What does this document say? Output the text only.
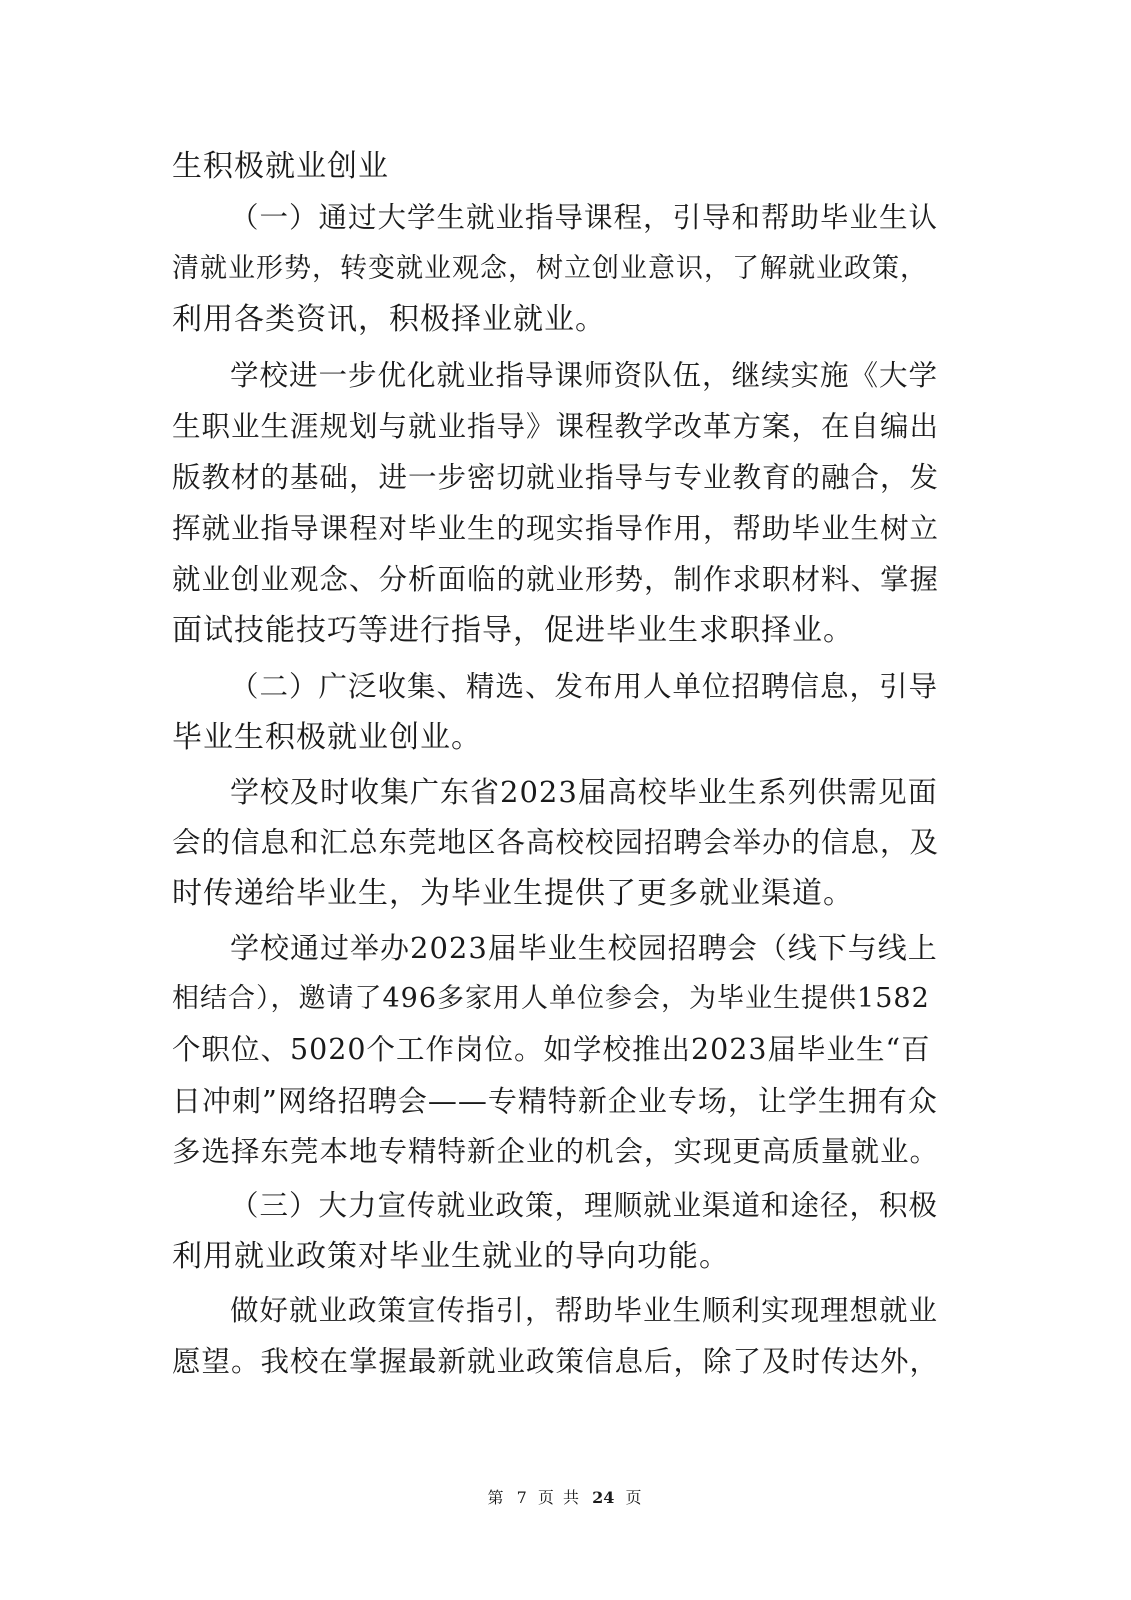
生积极就业创业
（一）通过大学生就业指导课程，引导和帮助毕业生认
清就业形势，转变就业观念，树立创业意识，了解就业政策，
利用各类资讯，积极择业就业。
学校进一步优化就业指导课师资队伍，继续实施《大学
生职业生涯规划与就业指导》课程教学改革方案，在自编出
版教材的基础，进一步密切就业指导与专业教育的融合，发
挥就业指导课程对毕业生的现实指导作用，帮助毕业生树立
就业创业观念、分析面临的就业形势，制作求职材料、掌握
面试技能技巧等进行指导，促进毕业生求职择业。
（二）广泛收集、精选、发布用人单位招聘信息，引导
毕业生积极就业创业。
学校及时收集广东省2023届高校毕业生系列供需见面
会的信息和汇总东莞地区各高校校园招聘会举办的信息，及
时传递给毕业生，为毕业生提供了更多就业渠道。
学校通过举办2023届毕业生校园招聘会（线下与线上
相结合），邀请了496多家用人单位参会，为毕业生提供1582
个职位、5020个工作岗位。如学校推出2023届毕业生“百
日冲刺”网络招聘会——专精特新企业专场，让学生拥有众
多选择东莞本地专精特新企业的机会，实现更高质量就业。
（三）大力宣传就业政策，理顺就业渠道和途径，积极
利用就业政策对毕业生就业的导向功能。
做好就业政策宣传指引，帮助毕业生顺利实现理想就业
愿望。我校在掌握最新就业政策信息后，除了及时传达外，
第 7 页 共 24 页
